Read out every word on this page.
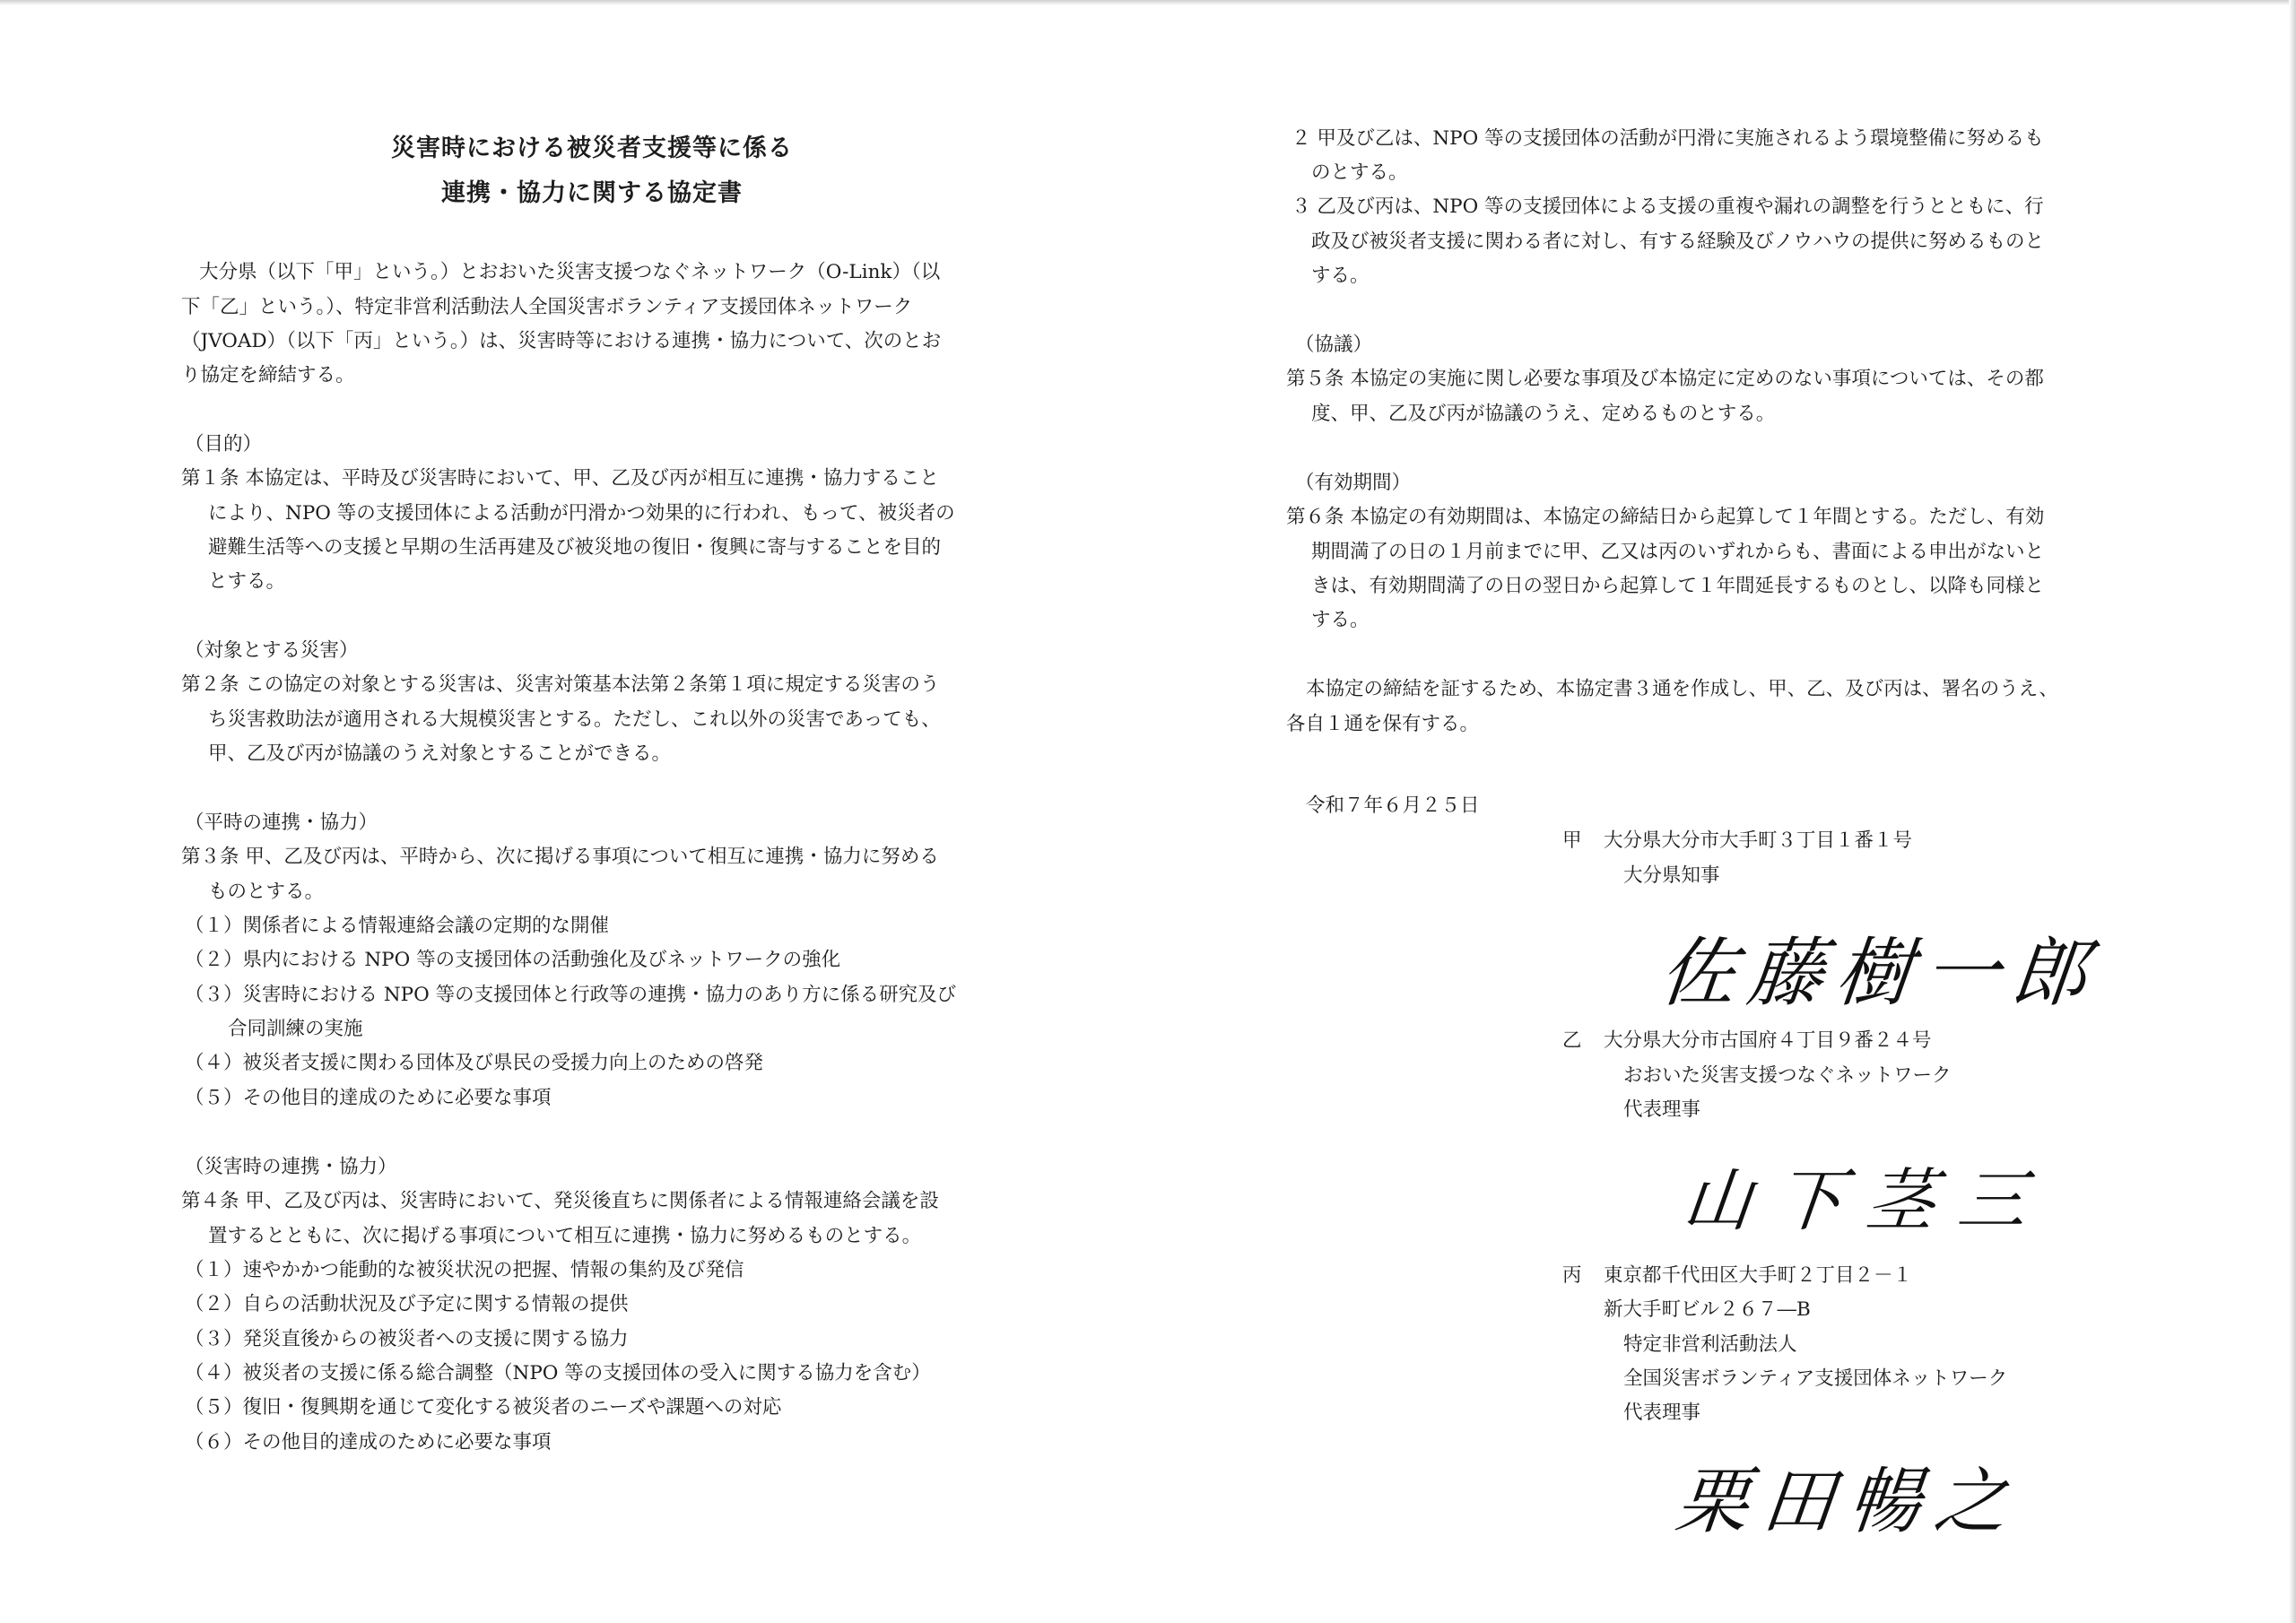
災害時における被災者支援等に係る
連携・協力に関する協定書
大分県（以下「甲」という。）とおおいた災害支援つなぐネットワーク（O-Link）（以
下「乙」という。）、特定非営利活動法人全国災害ボランティア支援団体ネットワーク
（JVOAD）（以下「丙」という。）は、災害時等における連携・協力について、次のとお
り協定を締結する。
（目的）
第１条 本協定は、平時及び災害時において、甲、乙及び丙が相互に連携・協力すること
により、NPO 等の支援団体による活動が円滑かつ効果的に行われ、もって、被災者の
避難生活等への支援と早期の生活再建及び被災地の復旧・復興に寄与することを目的
とする。
（対象とする災害）
第２条 この協定の対象とする災害は、災害対策基本法第２条第１項に規定する災害のう
ち災害救助法が適用される大規模災害とする。ただし、これ以外の災害であっても、
甲、乙及び丙が協議のうえ対象とすることができる。
（平時の連携・協力）
第３条 甲、乙及び丙は、平時から、次に掲げる事項について相互に連携・協力に努める
ものとする。
（１）関係者による情報連絡会議の定期的な開催
（２）県内における NPO 等の支援団体の活動強化及びネットワークの強化
（３）災害時における NPO 等の支援団体と行政等の連携・協力のあり方に係る研究及び
合同訓練の実施
（４）被災者支援に関わる団体及び県民の受援力向上のための啓発
（５）その他目的達成のために必要な事項
（災害時の連携・協力）
第４条 甲、乙及び丙は、災害時において、発災後直ちに関係者による情報連絡会議を設
置するとともに、次に掲げる事項について相互に連携・協力に努めるものとする。
（１）速やかかつ能動的な被災状況の把握、情報の集約及び発信
（２）自らの活動状況及び予定に関する情報の提供
（３）発災直後からの被災者への支援に関する協力
（４）被災者の支援に係る総合調整（NPO 等の支援団体の受入に関する協力を含む）
（５）復旧・復興期を通じて変化する被災者のニーズや課題への対応
（６）その他目的達成のために必要な事項
２ 甲及び乙は、NPO 等の支援団体の活動が円滑に実施されるよう環境整備に努めるも
のとする。
３ 乙及び丙は、NPO 等の支援団体による支援の重複や漏れの調整を行うとともに、行
政及び被災者支援に関わる者に対し、有する経験及びノウハウの提供に努めるものと
する。
（協議）
第５条 本協定の実施に関し必要な事項及び本協定に定めのない事項については、その都
度、甲、乙及び丙が協議のうえ、定めるものとする。
（有効期間）
第６条 本協定の有効期間は、本協定の締結日から起算して１年間とする。ただし、有効
期間満了の日の１月前までに甲、乙又は丙のいずれからも、書面による申出がないと
きは、有効期間満了の日の翌日から起算して１年間延長するものとし、以降も同様と
する。
本協定の締結を証するため、本協定書３通を作成し、甲、乙、及び丙は、署名のうえ、
各自１通を保有する。
令和７年６月２５日
甲 大分県大分市大手町３丁目１番１号
大分県知事
佐藤樹一郎
乙 大分県大分市古国府４丁目９番２４号
おおいた災害支援つなぐネットワーク
代表理事
山下茎三
丙 東京都千代田区大手町２丁目２－１
新大手町ビル２６７―B
特定非営利活動法人
全国災害ボランティア支援団体ネットワーク
代表理事
栗田暢之
